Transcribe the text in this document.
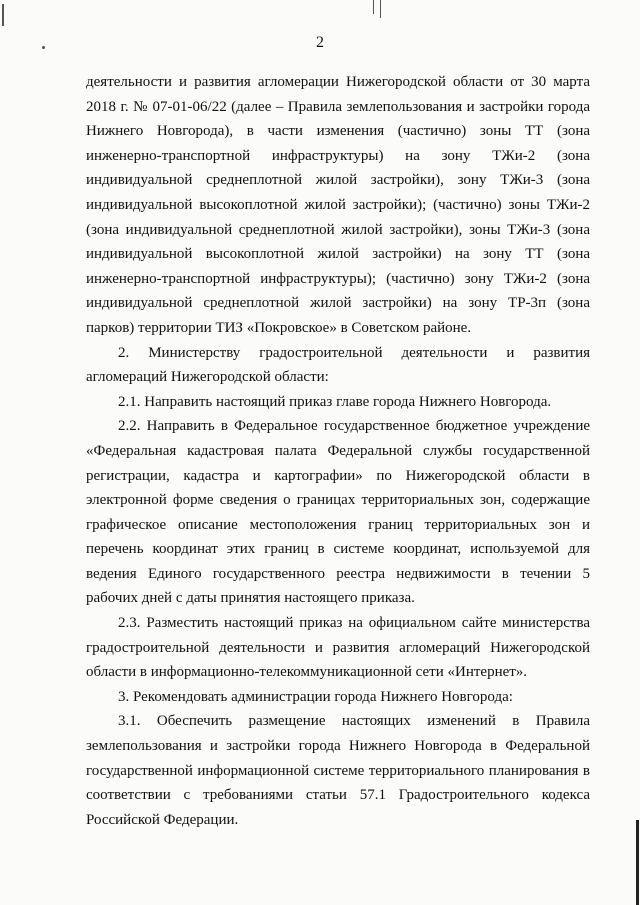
2

деятельности и развития агломерации Нижегородской области от 30 марта 2018 г. № 07-01-06/22 (далее – Правила землепользования и застройки города Нижнего Новгорода), в части изменения (частично) зоны ТТ (зона инженерно-транспортной инфраструктуры) на зону ТЖи-2 (зона индивидуальной среднеплотной жилой застройки), зону ТЖи-3 (зона индивидуальной высокоплотной жилой застройки); (частично) зоны ТЖи-2 (зона индивидуальной среднеплотной жилой застройки), зоны ТЖи-3 (зона индивидуальной высокоплотной жилой застройки) на зону ТТ (зона инженерно-транспортной инфраструктуры); (частично) зону ТЖи-2 (зона индивидуальной среднеплотной жилой застройки) на зону ТР-3п (зона парков) территории ТИЗ «Покровское» в Советском районе.

2. Министерству градостроительной деятельности и развития агломераций Нижегородской области:

2.1. Направить настоящий приказ главе города Нижнего Новгорода.

2.2. Направить в Федеральное государственное бюджетное учреждение «Федеральная кадастровая палата Федеральной службы государственной регистрации, кадастра и картографии» по Нижегородской области в электронной форме сведения о границах территориальных зон, содержащие графическое описание местоположения границ территориальных зон и перечень координат этих границ в системе координат, используемой для ведения Единого государственного реестра недвижимости в течении 5 рабочих дней с даты принятия настоящего приказа.

2.3. Разместить настоящий приказ на официальном сайте министерства градостроительной деятельности и развития агломераций Нижегородской области в информационно-телекоммуникационной сети «Интернет».

3. Рекомендовать администрации города Нижнего Новгорода:

3.1. Обеспечить размещение настоящих изменений в Правила землепользования и застройки города Нижнего Новгорода в Федеральной государственной информационной системе территориального планирования в соответствии с требованиями статьи 57.1 Градостроительного кодекса Российской Федерации.
